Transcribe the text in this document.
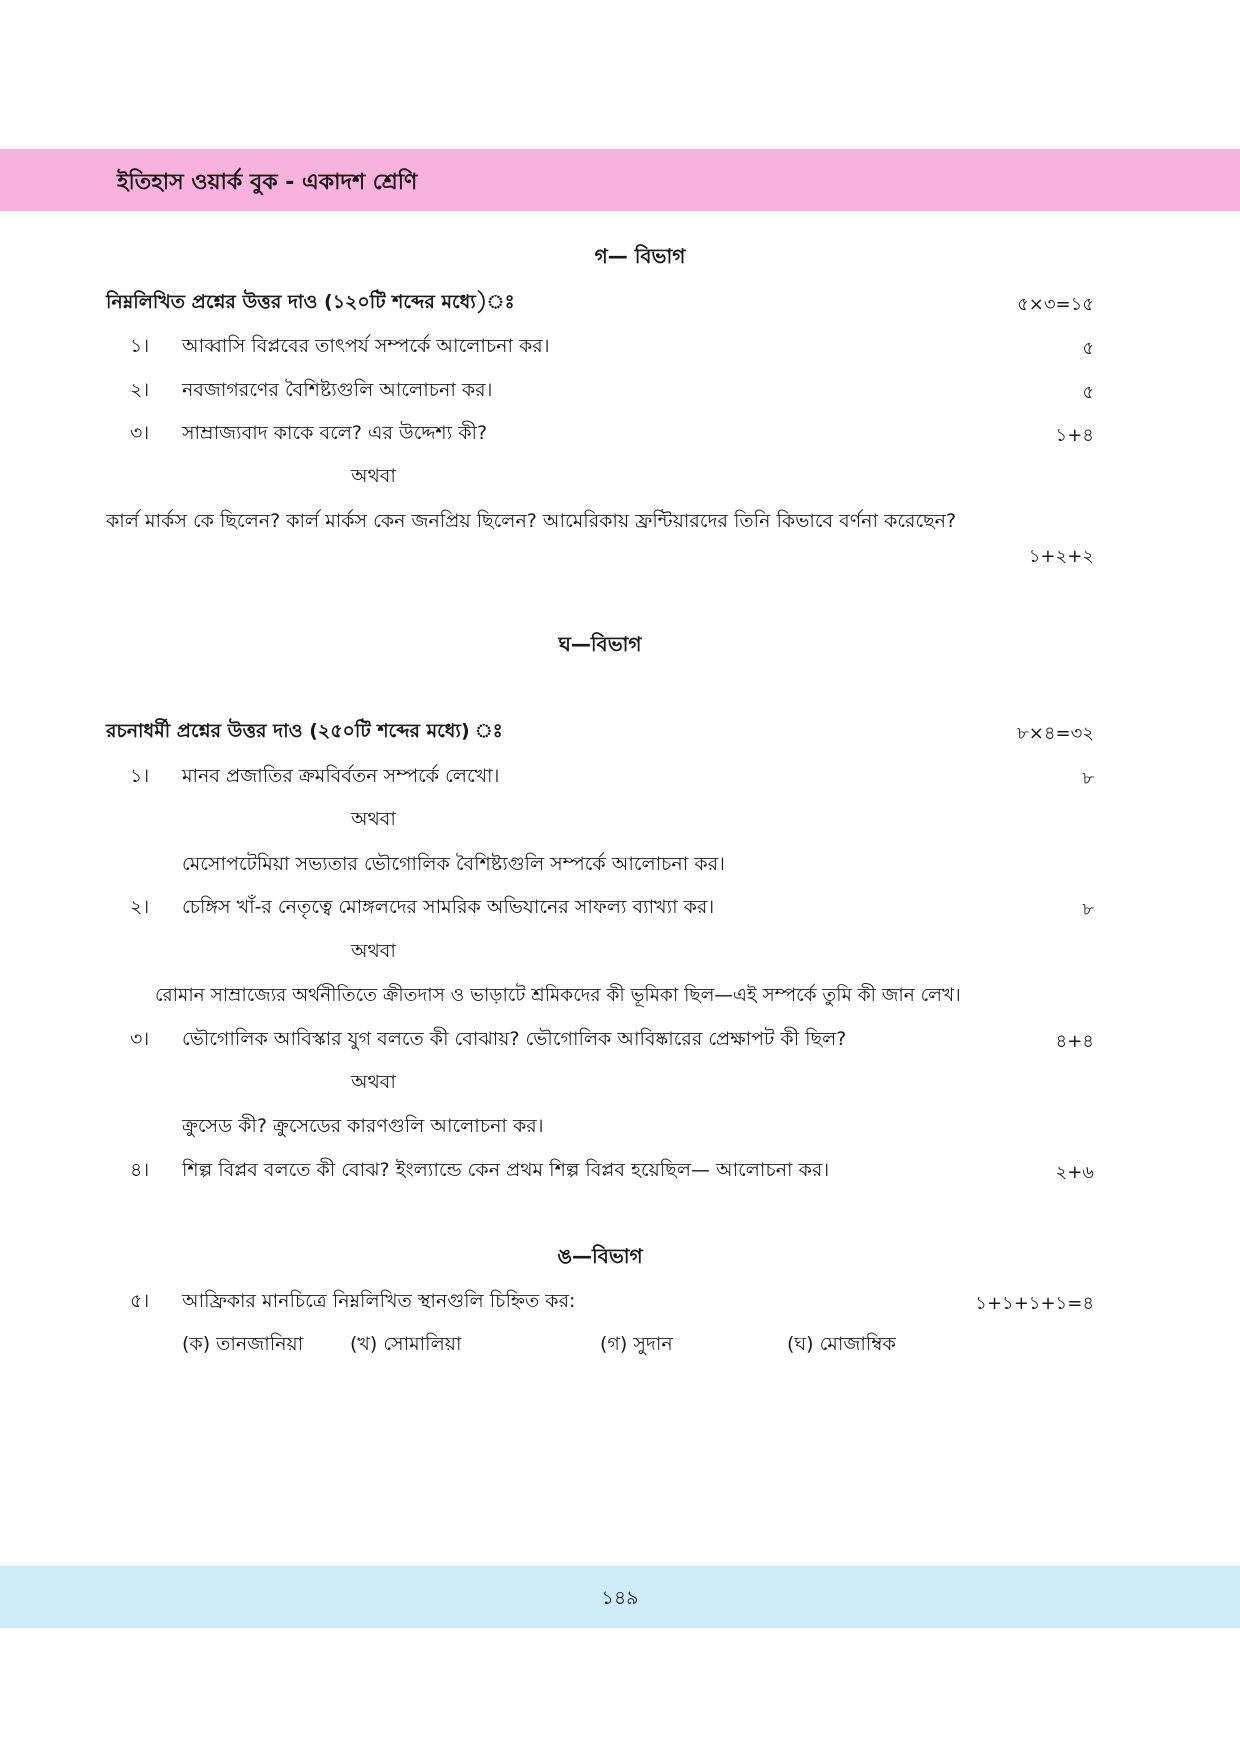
ইতিহাস ওয়ার্ক বুক - একাদশ শ্রেণি
গ— বিভাগ
নিম্নলিখিত প্রশ্নের উত্তর দাও (১২০টি শব্দের মধ্যে)ঃ	৫×৩=১৫
১। আব্বাসি বিপ্লবের তাৎপর্য সম্পর্কে আলোচনা কর।	৫
২। নবজাগরণের বৈশিষ্ট্যগুলি আলোচনা কর।	৫
৩। সাম্রাজ্যবাদ কাকে বলে? এর উদ্দেশ্য কী?	১+৪
অথবা
কার্ল মার্কস কে ছিলেন? কার্ল মার্কস কেন জনপ্রিয় ছিলেন? আমেরিকায় ফ্রন্টিয়ারদের তিনি কিভাবে বর্ণনা করেছেন?
১+২+২
ঘ—বিভাগ
রচনাধর্মী প্রশ্নের উত্তর দাও (২৫০টি শব্দের মধ্যে) ঃ	৮×৪=৩২
১। মানব প্রজাতির ক্রমবির্বতন সম্পর্কে লেখো।	৮
অথবা
মেসোপটেমিয়া সভ্যতার ভৌগোলিক বৈশিষ্ট্যগুলি সম্পর্কে আলোচনা কর।
২। চেঙ্গিস খাঁ-র নেতৃত্বে মোঙ্গলদের সামরিক অভিযানের সাফল্য ব্যাখ্যা কর।	৮
অথবা
রোমান সাম্রাজ্যের অর্থনীতিতে ক্রীতদাস ও ভাড়াটে শ্রমিকদের কী ভূমিকা ছিল—এই সম্পর্কে তুমি কী জান লেখ।
৩। ভৌগোলিক আবিস্কার যুগ বলতে কী বোঝায়? ভৌগোলিক আবিষ্কারের প্রেক্ষাপট কী ছিল?	৪+৪
অথবা
ক্রুসেড কী? ক্রুসেডের কারণগুলি আলোচনা কর।
৪। শিল্প বিপ্লব বলতে কী বোঝ? ইংল্যান্ডে কেন প্রথম শিল্প বিপ্লব হয়েছিল— আলোচনা কর।	২+৬
ঙ—বিভাগ
৫। আফ্রিকার মানচিত্রে নিম্নলিখিত স্থানগুলি চিহ্নিত কর:	১+১+১+১=৪
(ক) তানজানিয়া (খ) সোমালিয়া	(গ) সুদান	(ঘ) মোজাম্বিক
১৪৯
